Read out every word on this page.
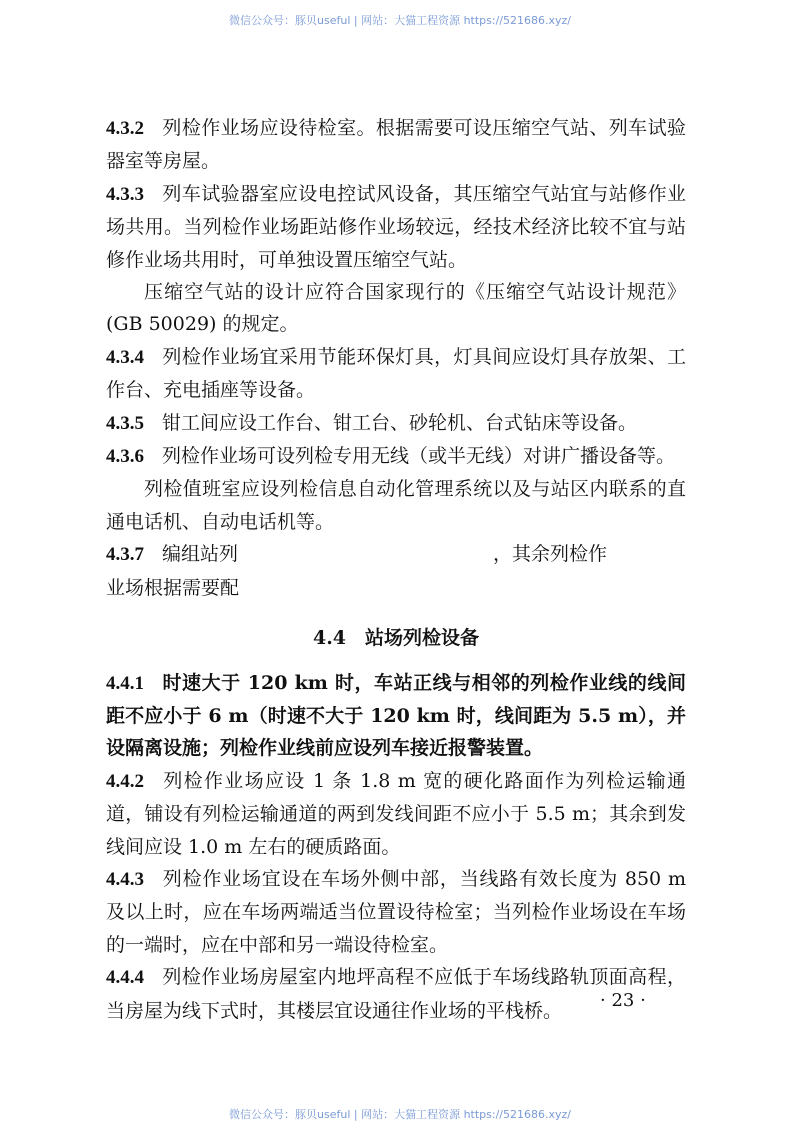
微信公众号：豚贝useful | 网站：大猫工程资源 https://521686.xyz/

4.3.2 列检作业场应设待检室。根据需要可设压缩空气站、列车试验器室等房屋。

4.3.3 列车试验器室应设电控试风设备，其压缩空气站宜与站修作业场共用。当列检作业场距站修作业场较远，经技术经济比较不宜与站修作业场共用时，可单独设置压缩空气站。

压缩空气站的设计应符合国家现行的《压缩空气站设计规范》(GB 50029) 的规定。

4.3.4 列检作业场宜采用节能环保灯具，灯具间应设灯具存放架、工作台、充电插座等设备。

4.3.5 钳工间应设工作台、钳工台、砂轮机、台式钻床等设备。

4.3.6 列检作业场可设列检专用无线（或半无线）对讲广播设备等。

列检值班室应设列检信息自动化管理系统以及与站区内联系的直通电话机、自动电话机等。

4.3.7 编组站列	，其余列检作
业场根据需要配

4.4　站场列检设备

4.4.1 时速大于 120 km 时，车站正线与相邻的列检作业线的线间距不应小于 6 m（时速不大于 120 km 时，线间距为 5.5 m），并设隔离设施；列检作业线前应设列车接近报警装置。

4.4.2 列检作业场应设 1 条 1.8 m 宽的硬化路面作为列检运输通道，铺设有列检运输通道的两到发线间距不应小于 5.5 m；其余到发线间应设 1.0 m 左右的硬质路面。

4.4.3 列检作业场宜设在车场外侧中部，当线路有效长度为 850 m 及以上时，应在车场两端适当位置设待检室；当列检作业场设在车场的一端时，应在中部和另一端设待检室。

4.4.4 列检作业场房屋室内地坪高程不应低于车场线路轨顶面高程，当房屋为线下式时，其楼层宜设通往作业场的平栈桥。	· 23 ·
微信公众号：豚贝useful | 网站：大猫工程资源 https://521686.xyz/
